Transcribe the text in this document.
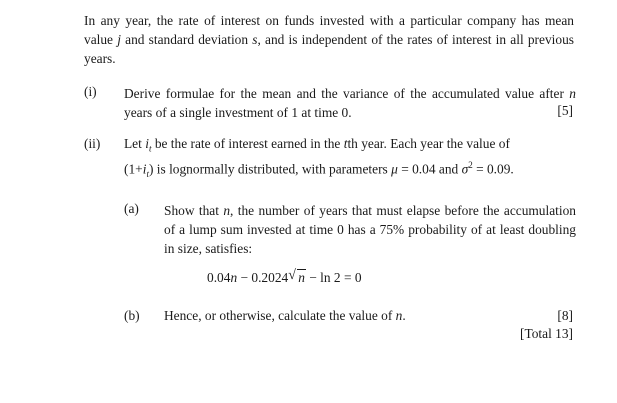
In any year, the rate of interest on funds invested with a particular company has mean value j and standard deviation s, and is independent of the rates of interest in all previous years.
(i) Derive formulae for the mean and the variance of the accumulated value after n years of a single investment of 1 at time 0.	[5]
(ii) Let $i_t$ be the rate of interest earned in the tth year. Each year the value of
$(1+i_t)$ is lognormally distributed, with parameters μ = 0.04 and $\sigma^2 = 0.09$.
(a) Show that n, the number of years that must elapse before the accumulation of a lump sum invested at time 0 has a 75% probability of at least doubling in size, satisfies:
0.04n − 0.2024 √ n − ln 2 = 0
(b) Hence, or otherwise, calculate the value of n.	[8]
[Total 13]
